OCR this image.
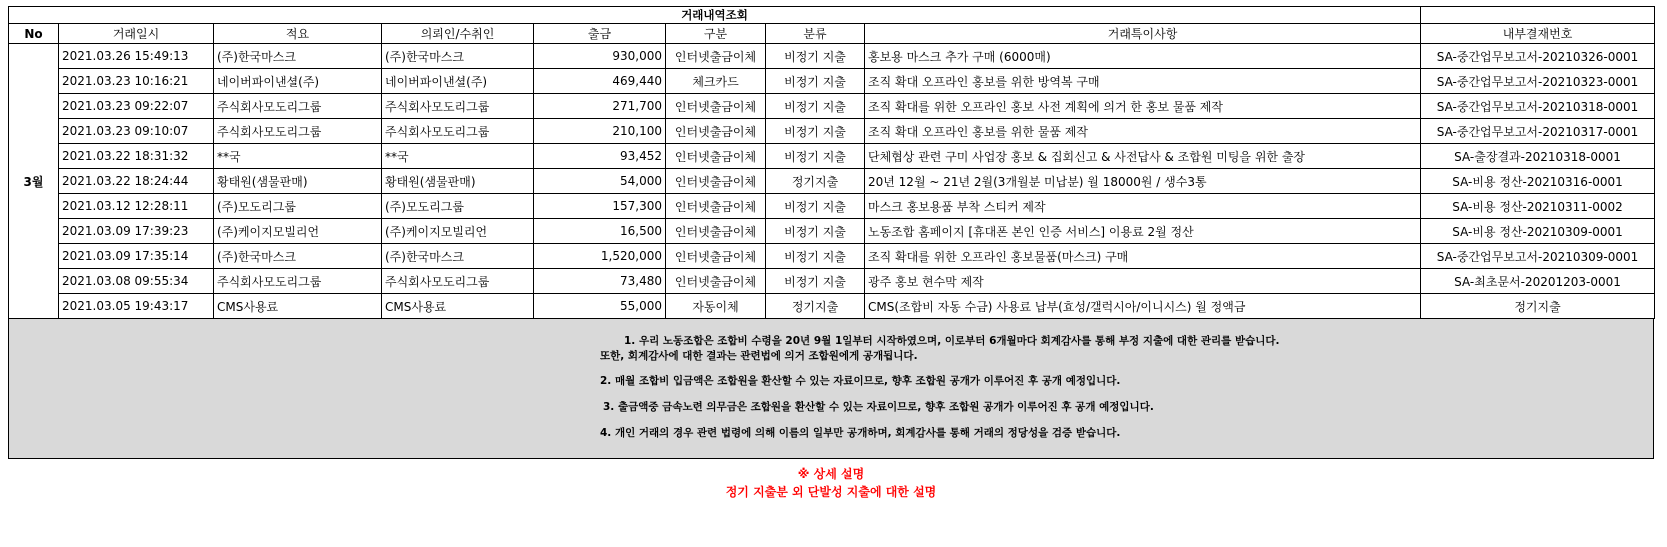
거래내역조회								
No	거래일시	적요	의뢰인/수취인	출금	구분	분류	거래특이사항	내부결재번호
3월	2021.03.26 15:49:13	(주)한국마스크	(주)한국마스크	930,000	인터넷출금이체	비정기 지출	홍보용 마스크 추가 구매 (6000매)	SA-중간업무보고서-20210326-0001
	2021.03.23 10:16:21	네이버파이낸셜(주)	네이버파이낸셜(주)	469,440	체크카드	비정기 지출	조직 확대 오프라인 홍보를 위한 방역복 구매	SA-중간업무보고서-20210323-0001
	2021.03.23 09:22:07	주식회사모도리그룹	주식회사모도리그룹	271,700	인터넷출금이체	비정기 지출	조직 확대를 위한 오프라인 홍보 사전 계획에 의거 한 홍보 물품 제작	SA-중간업무보고서-20210318-0001
	2021.03.23 09:10:07	주식회사모도리그룹	주식회사모도리그룹	210,100	인터넷출금이체	비정기 지출	조직 확대 오프라인 홍보를 위한 물품 제작	SA-중간업무보고서-20210317-0001
	2021.03.22 18:31:32	**국	**국	93,452	인터넷출금이체	비정기 지출	단체협상 관련 구미 사업장 홍보 & 집회신고 & 사전답사 & 조합원 미팅을 위한 출장	SA-출장결과-20210318-0001
	2021.03.22 18:24:44	황태원(샘물판매)	황태원(샘물판매)	54,000	인터넷출금이체	정기지출	20년 12월 ~ 21년 2월(3개월분 미납분) 월 18000원 / 생수3통	SA-비용 정산-20210316-0001
	2021.03.12 12:28:11	(주)모도리그룹	(주)모도리그룹	157,300	인터넷출금이체	비정기 지출	마스크 홍보용품 부착 스티커 제작	SA-비용 정산-20210311-0002
	2021.03.09 17:39:23	(주)케이지모빌리언	(주)케이지모빌리언	16,500	인터넷출금이체	비정기 지출	노동조합 홈페이지 [휴대폰 본인 인증 서비스] 이용료 2월 정산	SA-비용 정산-20210309-0001
	2021.03.09 17:35:14	(주)한국마스크	(주)한국마스크	1,520,000	인터넷출금이체	비정기 지출	조직 확대를 위한 오프라인 홍보물품(마스크) 구매	SA-중간업무보고서-20210309-0001
	2021.03.08 09:55:34	주식회사모도리그룹	주식회사모도리그룹	73,480	인터넷출금이체	비정기 지출	광주 홍보 현수막 제작	SA-최초문서-20201203-0001
	2021.03.05 19:43:17	CMS사용료	CMS사용료	55,000	자동이체	정기지출	CMS(조합비 자동 수금) 사용료 납부(효성/갤럭시아/이니시스) 월 정액금	정기지출
1. 우리 노동조합은 조합비 수령을 20년 9월 1일부터 시작하였으며, 이로부터 6개월마다 회계감사를 통해 부정 지출에 대한 관리를 받습니다.
또한, 회계감사에 대한 결과는 관련법에 의거 조합원에게 공개됩니다.
2. 매월 조합비 입금액은 조합원을 환산할 수 있는 자료이므로, 향후 조합원 공개가 이루어진 후 공개 예정입니다.
3. 출금액중 금속노련 의무금은 조합원을 환산할 수 있는 자료이므로, 향후 조합원 공개가 이루어진 후 공개 예정입니다.
4. 개인 거래의 경우 관련 법령에 의해 이름의 일부만 공개하며, 회계감사를 통해 거래의 정당성을 검증 받습니다.
※ 상세 설명
정기 지출분 외 단발성 지출에 대한 설명
